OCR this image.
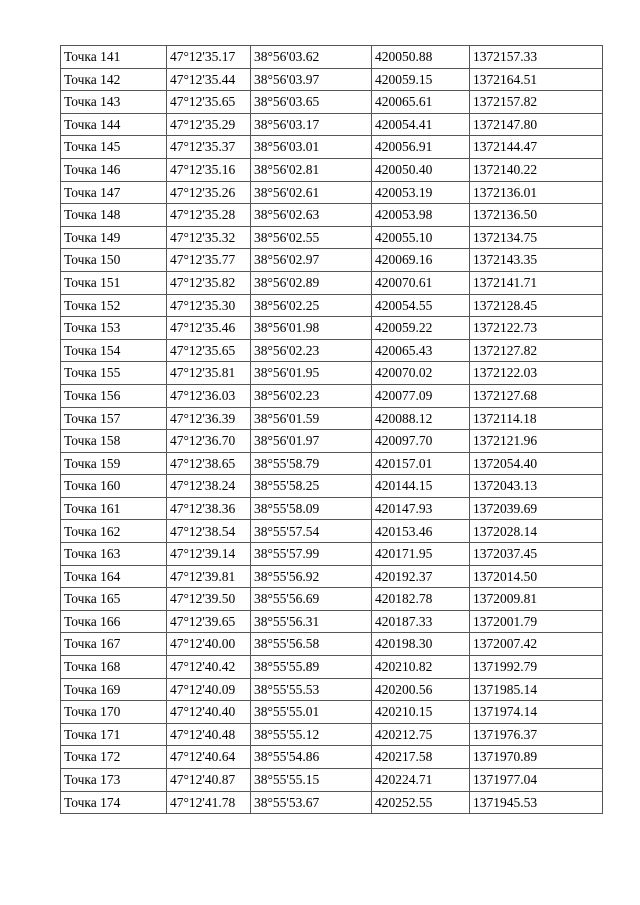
Точка 141	47°12'35.17	38°56'03.62	420050.88	1372157.33
Точка 142	47°12'35.44	38°56'03.97	420059.15	1372164.51
Точка 143	47°12'35.65	38°56'03.65	420065.61	1372157.82
Точка 144	47°12'35.29	38°56'03.17	420054.41	1372147.80
Точка 145	47°12'35.37	38°56'03.01	420056.91	1372144.47
Точка 146	47°12'35.16	38°56'02.81	420050.40	1372140.22
Точка 147	47°12'35.26	38°56'02.61	420053.19	1372136.01
Точка 148	47°12'35.28	38°56'02.63	420053.98	1372136.50
Точка 149	47°12'35.32	38°56'02.55	420055.10	1372134.75
Точка 150	47°12'35.77	38°56'02.97	420069.16	1372143.35
Точка 151	47°12'35.82	38°56'02.89	420070.61	1372141.71
Точка 152	47°12'35.30	38°56'02.25	420054.55	1372128.45
Точка 153	47°12'35.46	38°56'01.98	420059.22	1372122.73
Точка 154	47°12'35.65	38°56'02.23	420065.43	1372127.82
Точка 155	47°12'35.81	38°56'01.95	420070.02	1372122.03
Точка 156	47°12'36.03	38°56'02.23	420077.09	1372127.68
Точка 157	47°12'36.39	38°56'01.59	420088.12	1372114.18
Точка 158	47°12'36.70	38°56'01.97	420097.70	1372121.96
Точка 159	47°12'38.65	38°55'58.79	420157.01	1372054.40
Точка 160	47°12'38.24	38°55'58.25	420144.15	1372043.13
Точка 161	47°12'38.36	38°55'58.09	420147.93	1372039.69
Точка 162	47°12'38.54	38°55'57.54	420153.46	1372028.14
Точка 163	47°12'39.14	38°55'57.99	420171.95	1372037.45
Точка 164	47°12'39.81	38°55'56.92	420192.37	1372014.50
Точка 165	47°12'39.50	38°55'56.69	420182.78	1372009.81
Точка 166	47°12'39.65	38°55'56.31	420187.33	1372001.79
Точка 167	47°12'40.00	38°55'56.58	420198.30	1372007.42
Точка 168	47°12'40.42	38°55'55.89	420210.82	1371992.79
Точка 169	47°12'40.09	38°55'55.53	420200.56	1371985.14
Точка 170	47°12'40.40	38°55'55.01	420210.15	1371974.14
Точка 171	47°12'40.48	38°55'55.12	420212.75	1371976.37
Точка 172	47°12'40.64	38°55'54.86	420217.58	1371970.89
Точка 173	47°12'40.87	38°55'55.15	420224.71	1371977.04
Точка 174	47°12'41.78	38°55'53.67	420252.55	1371945.53
